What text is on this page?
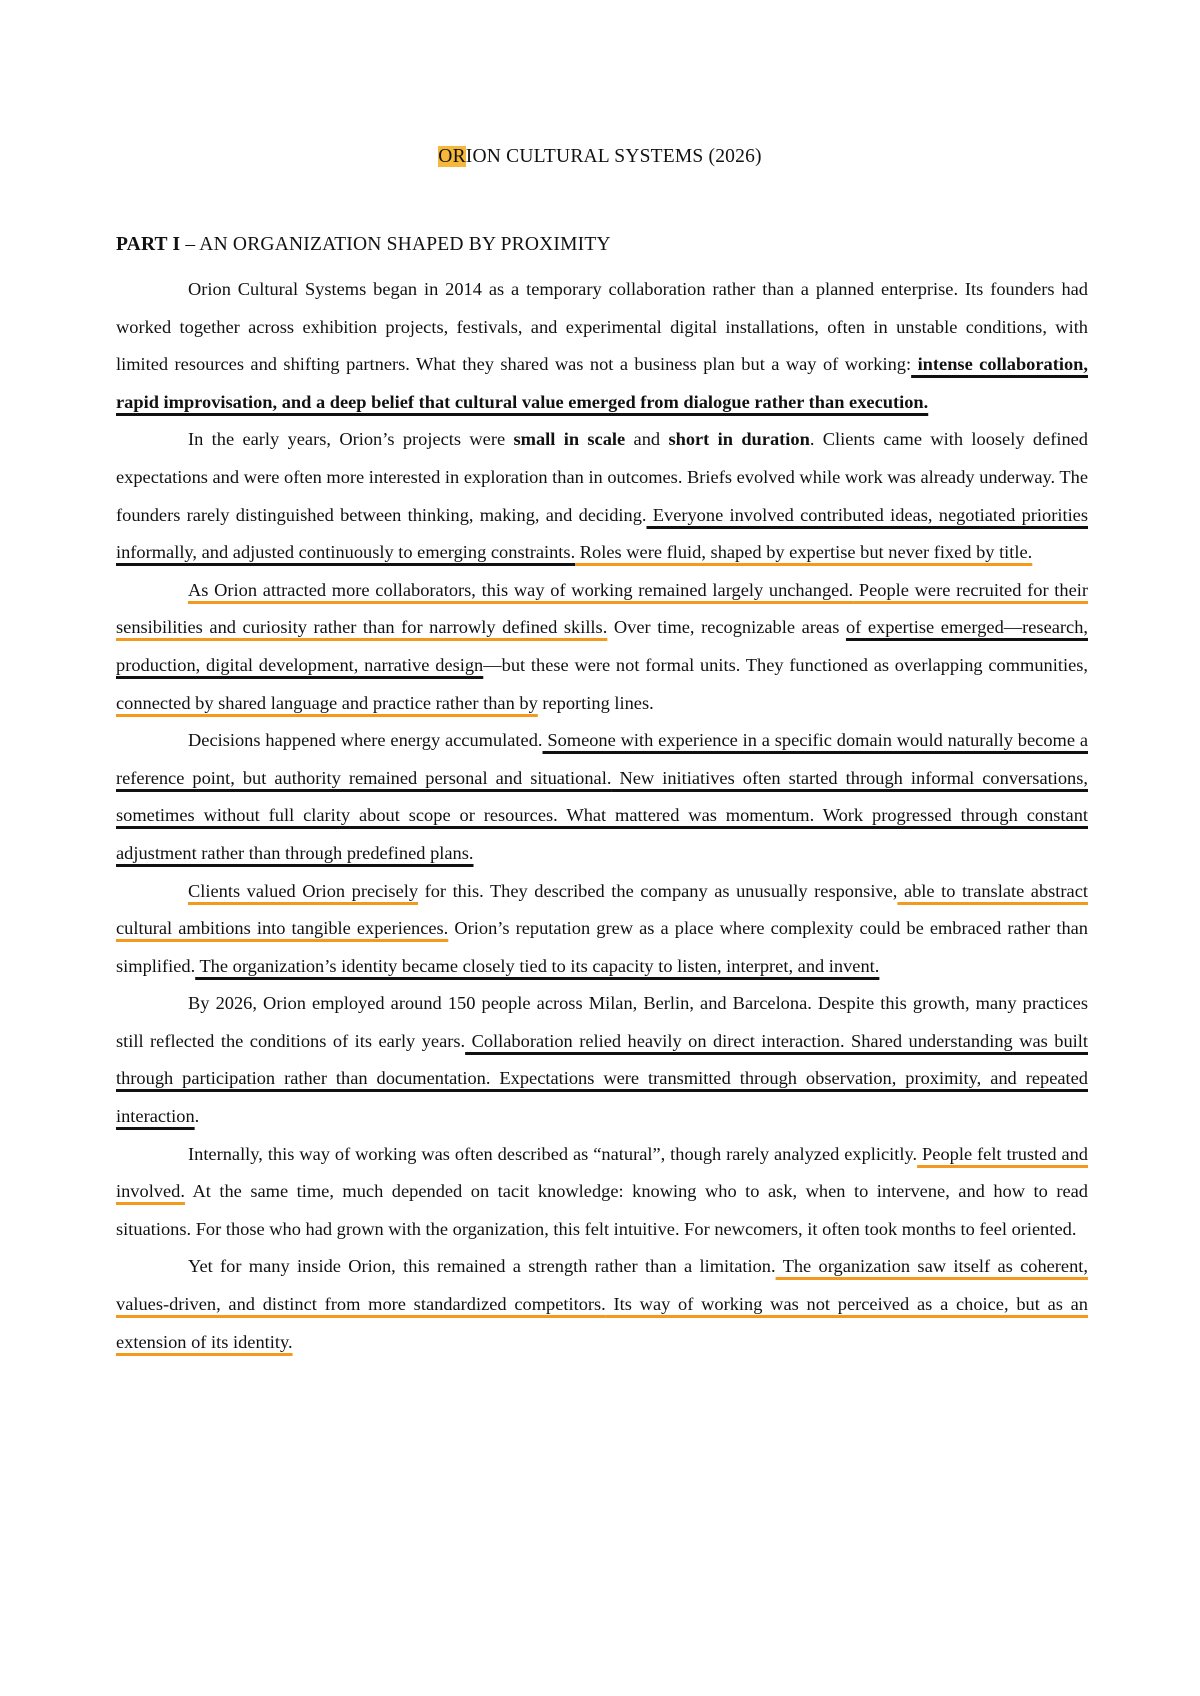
ORION CULTURAL SYSTEMS (2026)
PART I – AN ORGANIZATION SHAPED BY PROXIMITY

Orion Cultural Systems began in 2014 as a temporary collaboration rather than a planned enterprise. Its founders had worked together across exhibition projects, festivals, and experimental digital installations, often in unstable conditions, with limited resources and shifting partners. What they shared was not a business plan but a way of working: intense collaboration, rapid improvisation, and a deep belief that cultural value emerged from dialogue rather than execution.

In the early years, Orion’s projects were small in scale and short in duration. Clients came with loosely defined expectations and were often more interested in exploration than in outcomes. Briefs evolved while work was already underway. The founders rarely distinguished between thinking, making, and deciding. Everyone involved contributed ideas, negotiated priorities informally, and adjusted continuously to emerging constraints. Roles were fluid, shaped by expertise but never fixed by title.

As Orion attracted more collaborators, this way of working remained largely unchanged. People were recruited for their sensibilities and curiosity rather than for narrowly defined skills. Over time, recognizable areas of expertise emerged—research, production, digital development, narrative design—but these were not formal units. They functioned as overlapping communities, connected by shared language and practice rather than by reporting lines.

Decisions happened where energy accumulated. Someone with experience in a specific domain would naturally become a reference point, but authority remained personal and situational. New initiatives often started through informal conversations, sometimes without full clarity about scope or resources. What mattered was momentum. Work progressed through constant adjustment rather than through predefined plans.

Clients valued Orion precisely for this. They described the company as unusually responsive, able to translate abstract cultural ambitions into tangible experiences. Orion’s reputation grew as a place where complexity could be embraced rather than simplified. The organization’s identity became closely tied to its capacity to listen, interpret, and invent.

By 2026, Orion employed around 150 people across Milan, Berlin, and Barcelona. Despite this growth, many practices still reflected the conditions of its early years. Collaboration relied heavily on direct interaction. Shared understanding was built through participation rather than documentation. Expectations were transmitted through observation, proximity, and repeated interaction.

Internally, this way of working was often described as “natural”, though rarely analyzed explicitly. People felt trusted and involved. At the same time, much depended on tacit knowledge: knowing who to ask, when to intervene, and how to read situations. For those who had grown with the organization, this felt intuitive. For newcomers, it often took months to feel oriented.

Yet for many inside Orion, this remained a strength rather than a limitation. The organization saw itself as coherent, values-driven, and distinct from more standardized competitors. Its way of working was not perceived as a choice, but as an extension of its identity.
